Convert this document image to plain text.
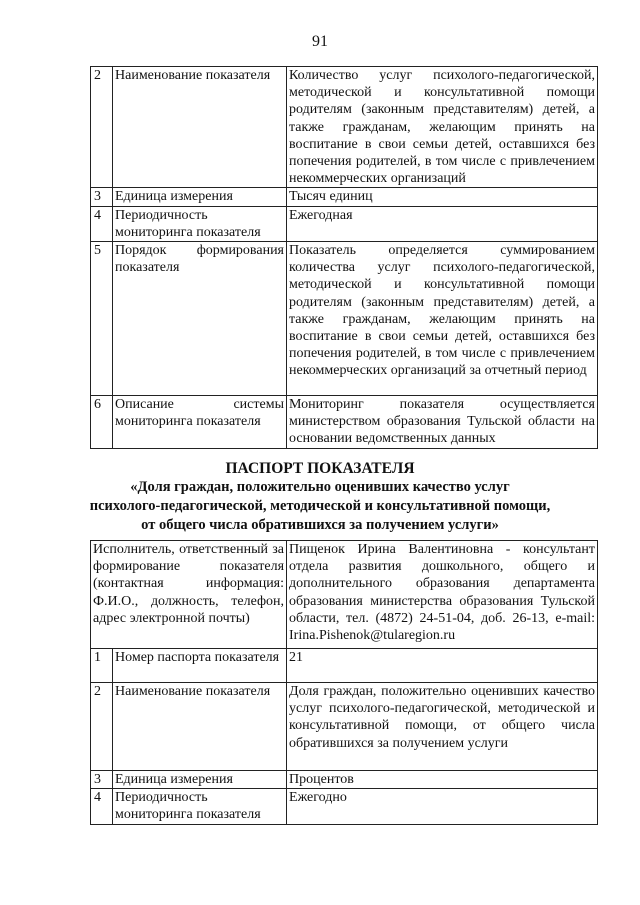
91
2	Наименование показателя	Количество услуг психолого-педагогической, методической и консультативной помощи родителям (законным представителям) детей, а также гражданам, желающим принять на воспитание в свои семьи детей, оставшихся без попечения родителей, в том числе с привлечением некоммерческих организаций
3	Единица измерения	Тысяч единиц
4	Периодичность мониторинга показателя	Ежегодная
5	Порядок формирования показателя	Показатель определяется суммированием количества услуг психолого-педагогической, методической и консультативной помощи родителям (законным представителям) детей, а также гражданам, желающим принять на воспитание в свои семьи детей, оставшихся без попечения родителей, в том числе с привлечением некоммерческих организаций за отчетный период
6	Описание системы мониторинга показателя	Мониторинг показателя осуществляется министерством образования Тульской области на основании ведомственных данных
ПАСПОРТ ПОКАЗАТЕЛЯ
«Доля граждан, положительно оценивших качество услуг
психолого-педагогической, методической и консультативной помощи,
от общего числа обратившихся за получением услуги»
Исполнитель, ответственный за формирование показателя (контактная информация: Ф.И.О., должность, телефон, адрес электронной почты)		Пищенок Ирина Валентиновна - консультант отдела развития дошкольного, общего и дополнительного образования департамента образования министерства образования Тульской области, тел. (4872) 24-51-04, доб. 26-13, e-mail: Irina.Pishenok@tularegion.ru
1	Номер паспорта показателя	21
2	Наименование показателя	Доля граждан, положительно оценивших качество услуг психолого-педагогической, методической и консультативной помощи, от общего числа обратившихся за получением услуги
3	Единица измерения	Процентов
4	Периодичность мониторинга показателя	Ежегодно
